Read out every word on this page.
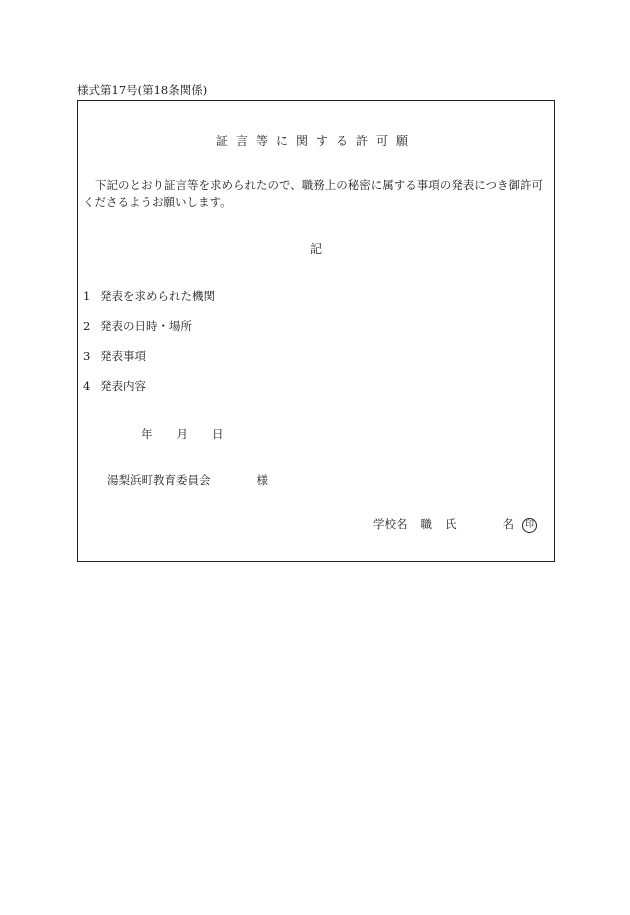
様式第17号(第18条関係)
証言等に関する許可願
下記のとおり証言等を求められたので、職務上の秘密に属する事項の発表につき御許可くださるようお願いします。
記
1 発表を求められた機関
2 発表の日時・場所
3 発表事項
4 発表内容
年 月 日
湯梨浜町教育委員会	様
学校名 職 氏	名 印
